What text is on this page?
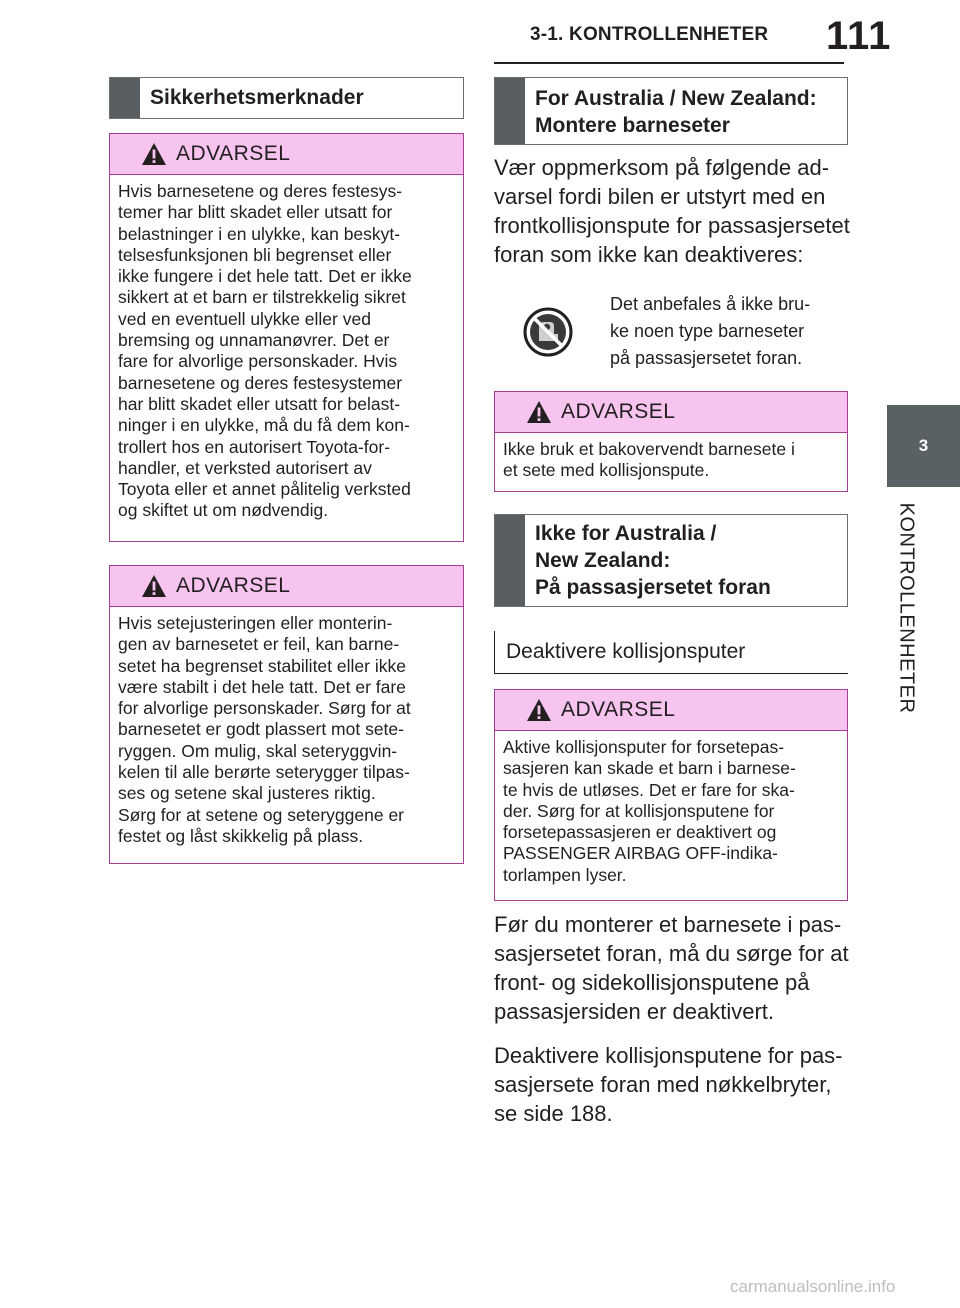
3-1. KONTROLLENHETER 111
3
KONTROLLENHETER
Sikkerhetsmerknader
ADVARSEL
Hvis barnesetene og deres festesys-
temer har blitt skadet eller utsatt for
belastninger i en ulykke, kan beskyt-
telsesfunksjonen bli begrenset eller
ikke fungere i det hele tatt. Det er ikke
sikkert at et barn er tilstrekkelig sikret
ved en eventuell ulykke eller ved
bremsing og unnamanøvrer. Det er
fare for alvorlige personskader. Hvis
barnesetene og deres festesystemer
har blitt skadet eller utsatt for belast-
ninger i en ulykke, må du få dem kon-
trollert hos en autorisert Toyota-for-
handler, et verksted autorisert av
Toyota eller et annet pålitelig verksted
og skiftet ut om nødvendig.
ADVARSEL
Hvis setejusteringen eller monterin-
gen av barnesetet er feil, kan barne-
setet ha begrenset stabilitet eller ikke
være stabilt i det hele tatt. Det er fare
for alvorlige personskader. Sørg for at
barnesetet er godt plassert mot sete-
ryggen. Om mulig, skal seteryggvin-
kelen til alle berørte seterygger tilpas-
ses og setene skal justeres riktig.
Sørg for at setene og seteryggene er
festet og låst skikkelig på plass.
For Australia / New Zealand:
Montere barneseter
Vær oppmerksom på følgende ad-
varsel fordi bilen er utstyrt med en
frontkollisjonspute for passasjersetet
foran som ikke kan deaktiveres:
Det anbefales å ikke bru-
ke noen type barneseter
på passasjersetet foran.
ADVARSEL
Ikke bruk et bakovervendt barnesete i
et sete med kollisjonspute.
Ikke for Australia /
New Zealand:
På passasjersetet foran
Deaktivere kollisjonsputer
ADVARSEL
Aktive kollisjonsputer for forsetepas-
sasjeren kan skade et barn i barnese-
te hvis de utløses. Det er fare for ska-
der. Sørg for at kollisjonsputene for
forsetepassasjeren er deaktivert og
PASSENGER AIRBAG OFF-indika-
torlampen lyser.
Før du monterer et barnesete i pas-
sasjersetet foran, må du sørge for at
front- og sidekollisjonsputene på
passasjersiden er deaktivert.
Deaktivere kollisjonsputene for pas-
sasjersete foran med nøkkelbryter,
se side 188.
carmanualsonline.info
